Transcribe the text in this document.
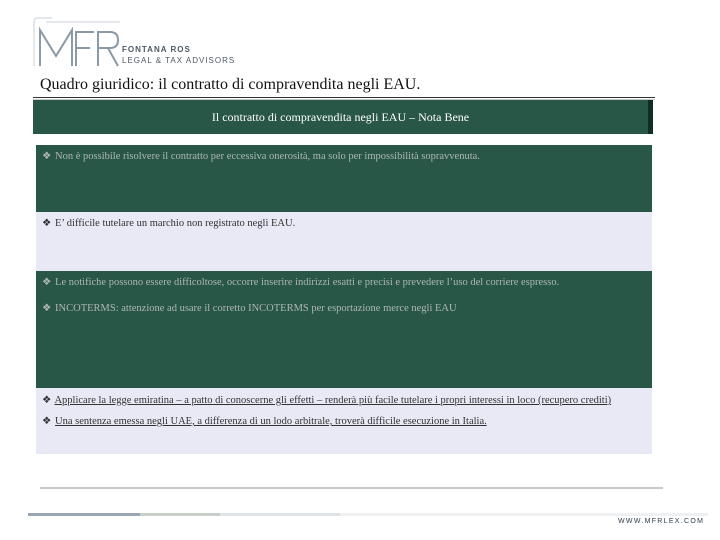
FONTANA ROS
LEGAL & TAX ADVISORS
Quadro giuridico: il contratto di compravendita negli EAU.
Il contratto di compravendita negli EAU – Nota Bene
❖ Non è possibile risolvere il contratto per eccessiva onerosità, ma solo per impossibilità sopravvenuta.
❖ E’ difficile tutelare un marchio non registrato negli EAU.
❖ Le notifiche possono essere difficoltose, occorre inserire indirizzi esatti e precisi e prevedere l’uso del corriere espresso.
❖ INCOTERMS: attenzione ad usare il corretto INCOTERMS per esportazione merce negli EAU
❖ Applicare la legge emiratina – a patto di conoscerne gli effetti – renderà più facile tutelare i propri interessi in loco (recupero crediti)
❖ Una sentenza emessa negli UAE, a differenza di un lodo arbitrale, troverà difficile esecuzione in Italia.
WWW.MFRLEX.COM
